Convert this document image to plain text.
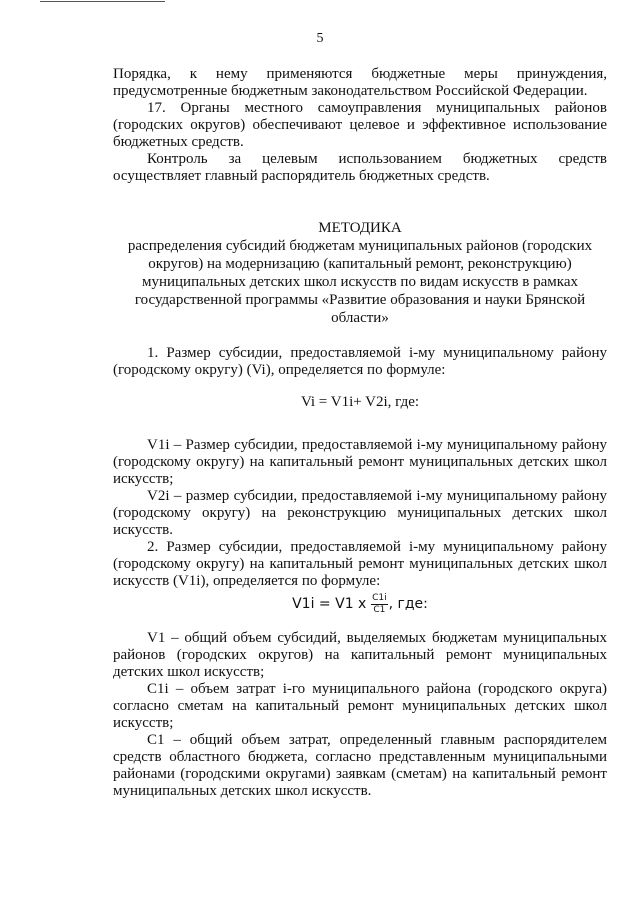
5

Порядка, к нему применяются бюджетные меры принуждения, предусмотренные бюджетным законодательством Российской Федерации.

17. Органы местного самоуправления муниципальных районов (городских округов) обеспечивают целевое и эффективное использование бюджетных средств.

Контроль за целевым использованием бюджетных средств осуществляет главный распорядитель бюджетных средств.

МЕТОДИКА
распределения субсидий бюджетам муниципальных районов (городских округов) на модернизацию (капитальный ремонт, реконструкцию) муниципальных детских школ искусств по видам искусств в рамках государственной программы «Развитие образования и науки Брянской области»

1. Размер субсидии, предоставляемой i-му муниципальному району (городскому округу) (Vi), определяется по формуле:

Vi = V1i+ V2i, где:

V1i – Размер субсидии, предоставляемой i-му муниципальному району (городскому округу) на капитальный ремонт муниципальных детских школ искусств;

V2i – размер субсидии, предоставляемой i-му муниципальному району (городскому округу) на реконструкцию муниципальных детских школ искусств.

2. Размер субсидии, предоставляемой i-му муниципальному району (городскому округу) на капитальный ремонт муниципальных детских школ искусств (V1i), определяется по формуле:

V1i = V1 x $\frac{C1i}{C1}$ , где:

V1 – общий объем субсидий, выделяемых бюджетам муниципальных районов (городских округов) на капитальный ремонт муниципальных детских школ искусств;

C1i – объем затрат i-го муниципального района (городского округа) согласно сметам на капитальный ремонт муниципальных детских школ искусств;

C1 – общий объем затрат, определенный главным распорядителем средств областного бюджета, согласно представленным муниципальными районами (городскими округами) заявкам (сметам) на капитальный ремонт муниципальных детских школ искусств.
